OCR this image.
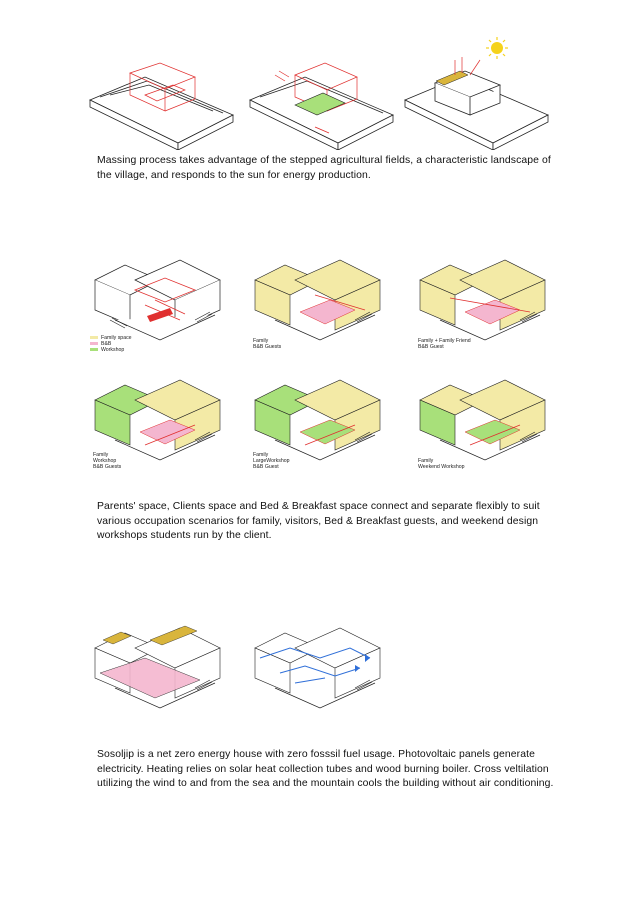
Massing process takes advantage of the stepped agricultural fields, a characteristic landscape of the village, and responds to the sun for energy production.
Family space
B&B
Workshop
Family
B&B Guests
Family + Family Friend
B&B Guest
Family
Workshop
B&B Guests
Family
LargeWorkshop
B&B Guest
Family
Weekend Workshop
Parents' space, Clients space and Bed & Breakfast space connect and separate flexibly to suit various occupation scenarios for family, visitors, Bed & Breakfast guests, and weekend design workshops students run by the client.
Sosoljip is a net zero energy house with zero fosssil fuel usage. Photovoltaic panels generate electricity. Heating relies on solar heat collection tubes and wood burning boiler. Cross veltilation utilizing the wind to and from the sea and the mountain cools the building without air conditioning.
